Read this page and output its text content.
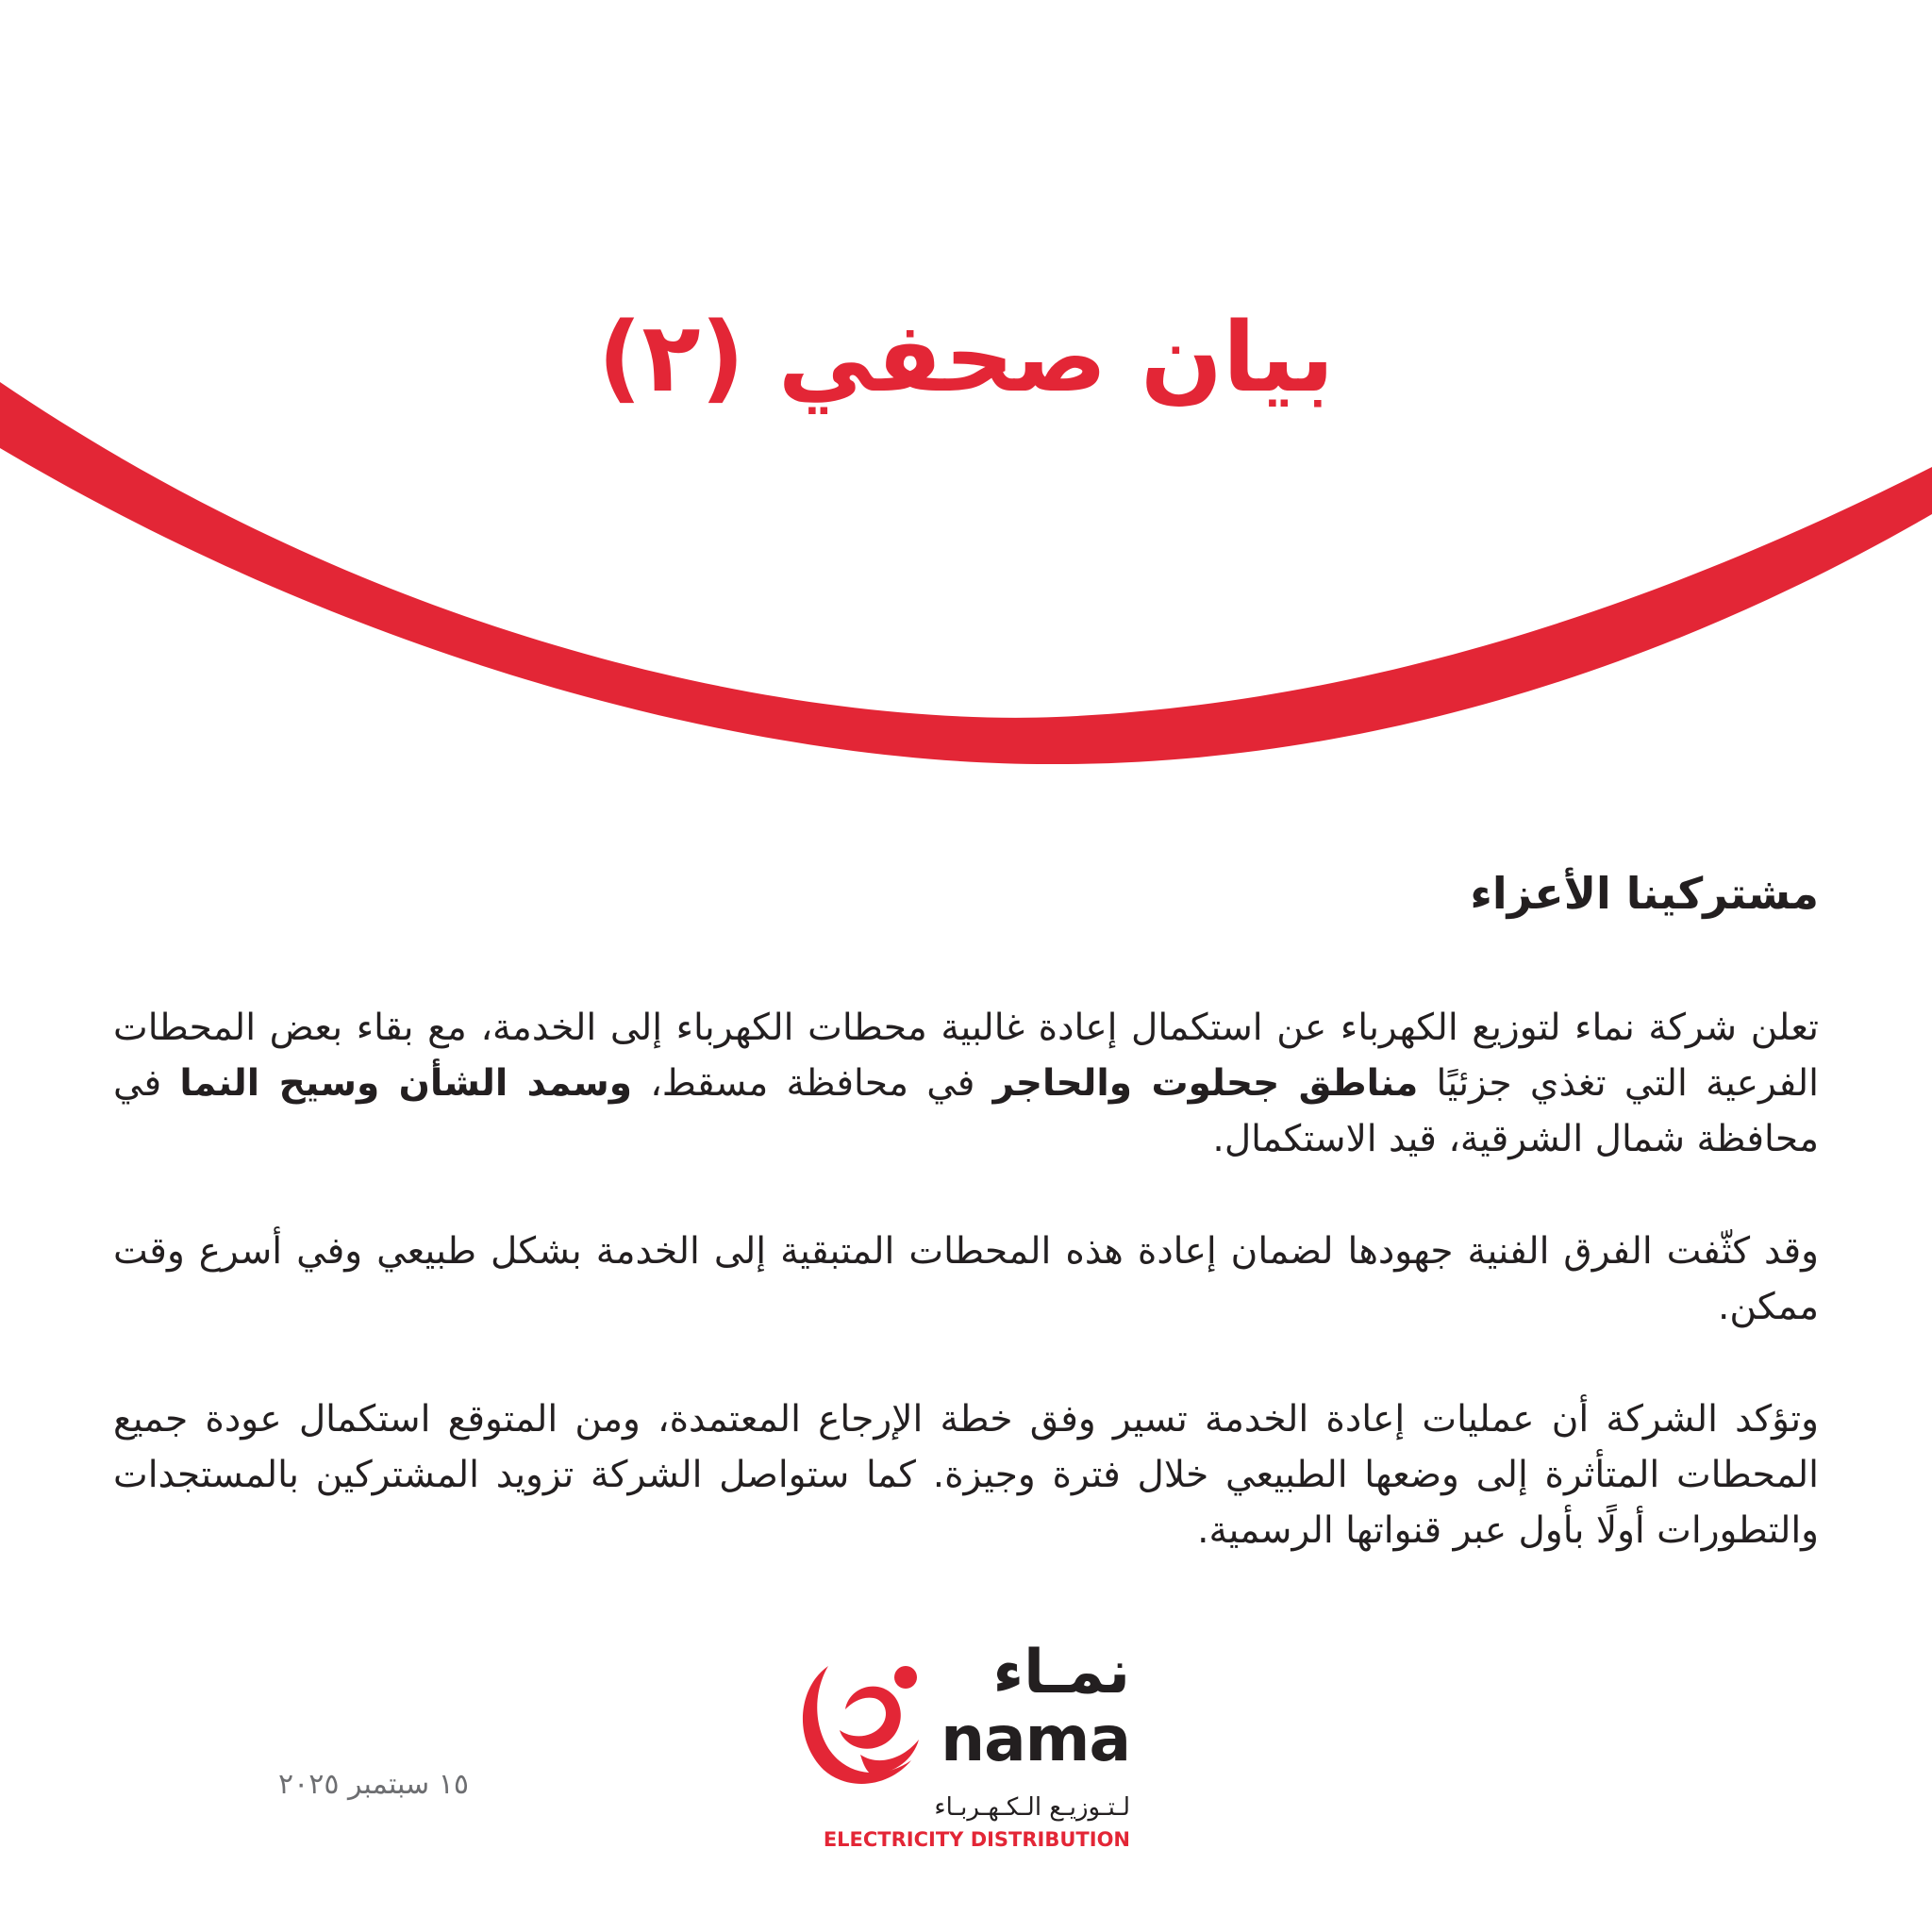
بيان صحفي (٢)
مشتركينا الأعزاء

تعلن شركة نماء لتوزيع الكهرباء عن استكمال إعادة غالبية محطات الكهرباء إلى الخدمة، مع بقاء بعض المحطات الفرعية التي تغذي جزئيًا مناطق جحلوت والحاجر في محافظة مسقط، وسمد الشأن وسيح النما في محافظة شمال الشرقية، قيد الاستكمال.

وقد كثّفت الفرق الفنية جهودها لضمان إعادة هذه المحطات المتبقية إلى الخدمة بشكل طبيعي وفي أسرع وقت ممكن.

وتؤكد الشركة أن عمليات إعادة الخدمة تسير وفق خطة الإرجاع المعتمدة، ومن المتوقع استكمال عودة جميع المحطات المتأثرة إلى وضعها الطبيعي خلال فترة وجيزة. كما ستواصل الشركة تزويد المشتركين بالمستجدات والتطورات أولًا بأول عبر قنواتها الرسمية.

١٥ سبتمبر ٢٠٢٥
نمـاء
nama
لـتـوزيـع الـكـهـربـاء
ELECTRICITY DISTRIBUTION
